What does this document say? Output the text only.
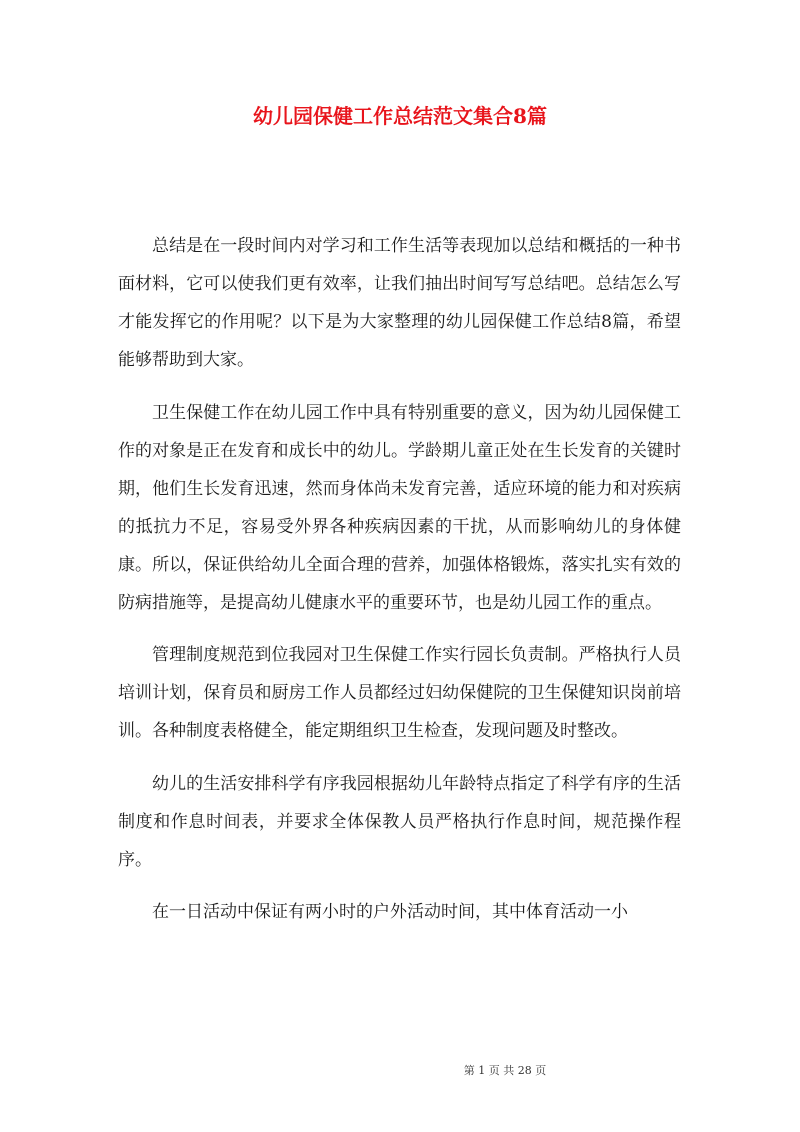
幼儿园保健工作总结范文集合8篇

总结是在一段时间内对学习和工作生活等表现加以总结和概括的一种书面材料，它可以使我们更有效率，让我们抽出时间写写总结吧。总结怎么写才能发挥它的作用呢？以下是为大家整理的幼儿园保健工作总结8篇，希望能够帮助到大家。

卫生保健工作在幼儿园工作中具有特别重要的意义，因为幼儿园保健工作的对象是正在发育和成长中的幼儿。学龄期儿童正处在生长发育的关键时期，他们生长发育迅速，然而身体尚未发育完善，适应环境的能力和对疾病的抵抗力不足，容易受外界各种疾病因素的干扰，从而影响幼儿的身体健康。所以，保证供给幼儿全面合理的营养，加强体格锻炼，落实扎实有效的防病措施等，是提高幼儿健康水平的重要环节，也是幼儿园工作的重点。

管理制度规范到位我园对卫生保健工作实行园长负责制。严格执行人员培训计划，保育员和厨房工作人员都经过妇幼保健院的卫生保健知识岗前培训。各种制度表格健全，能定期组织卫生检查，发现问题及时整改。

幼儿的生活安排科学有序我园根据幼儿年龄特点指定了科学有序的生活制度和作息时间表，并要求全体保教人员严格执行作息时间，规范操作程序。

在一日活动中保证有两小时的户外活动时间，其中体育活动一小

第 1 页 共 28 页
